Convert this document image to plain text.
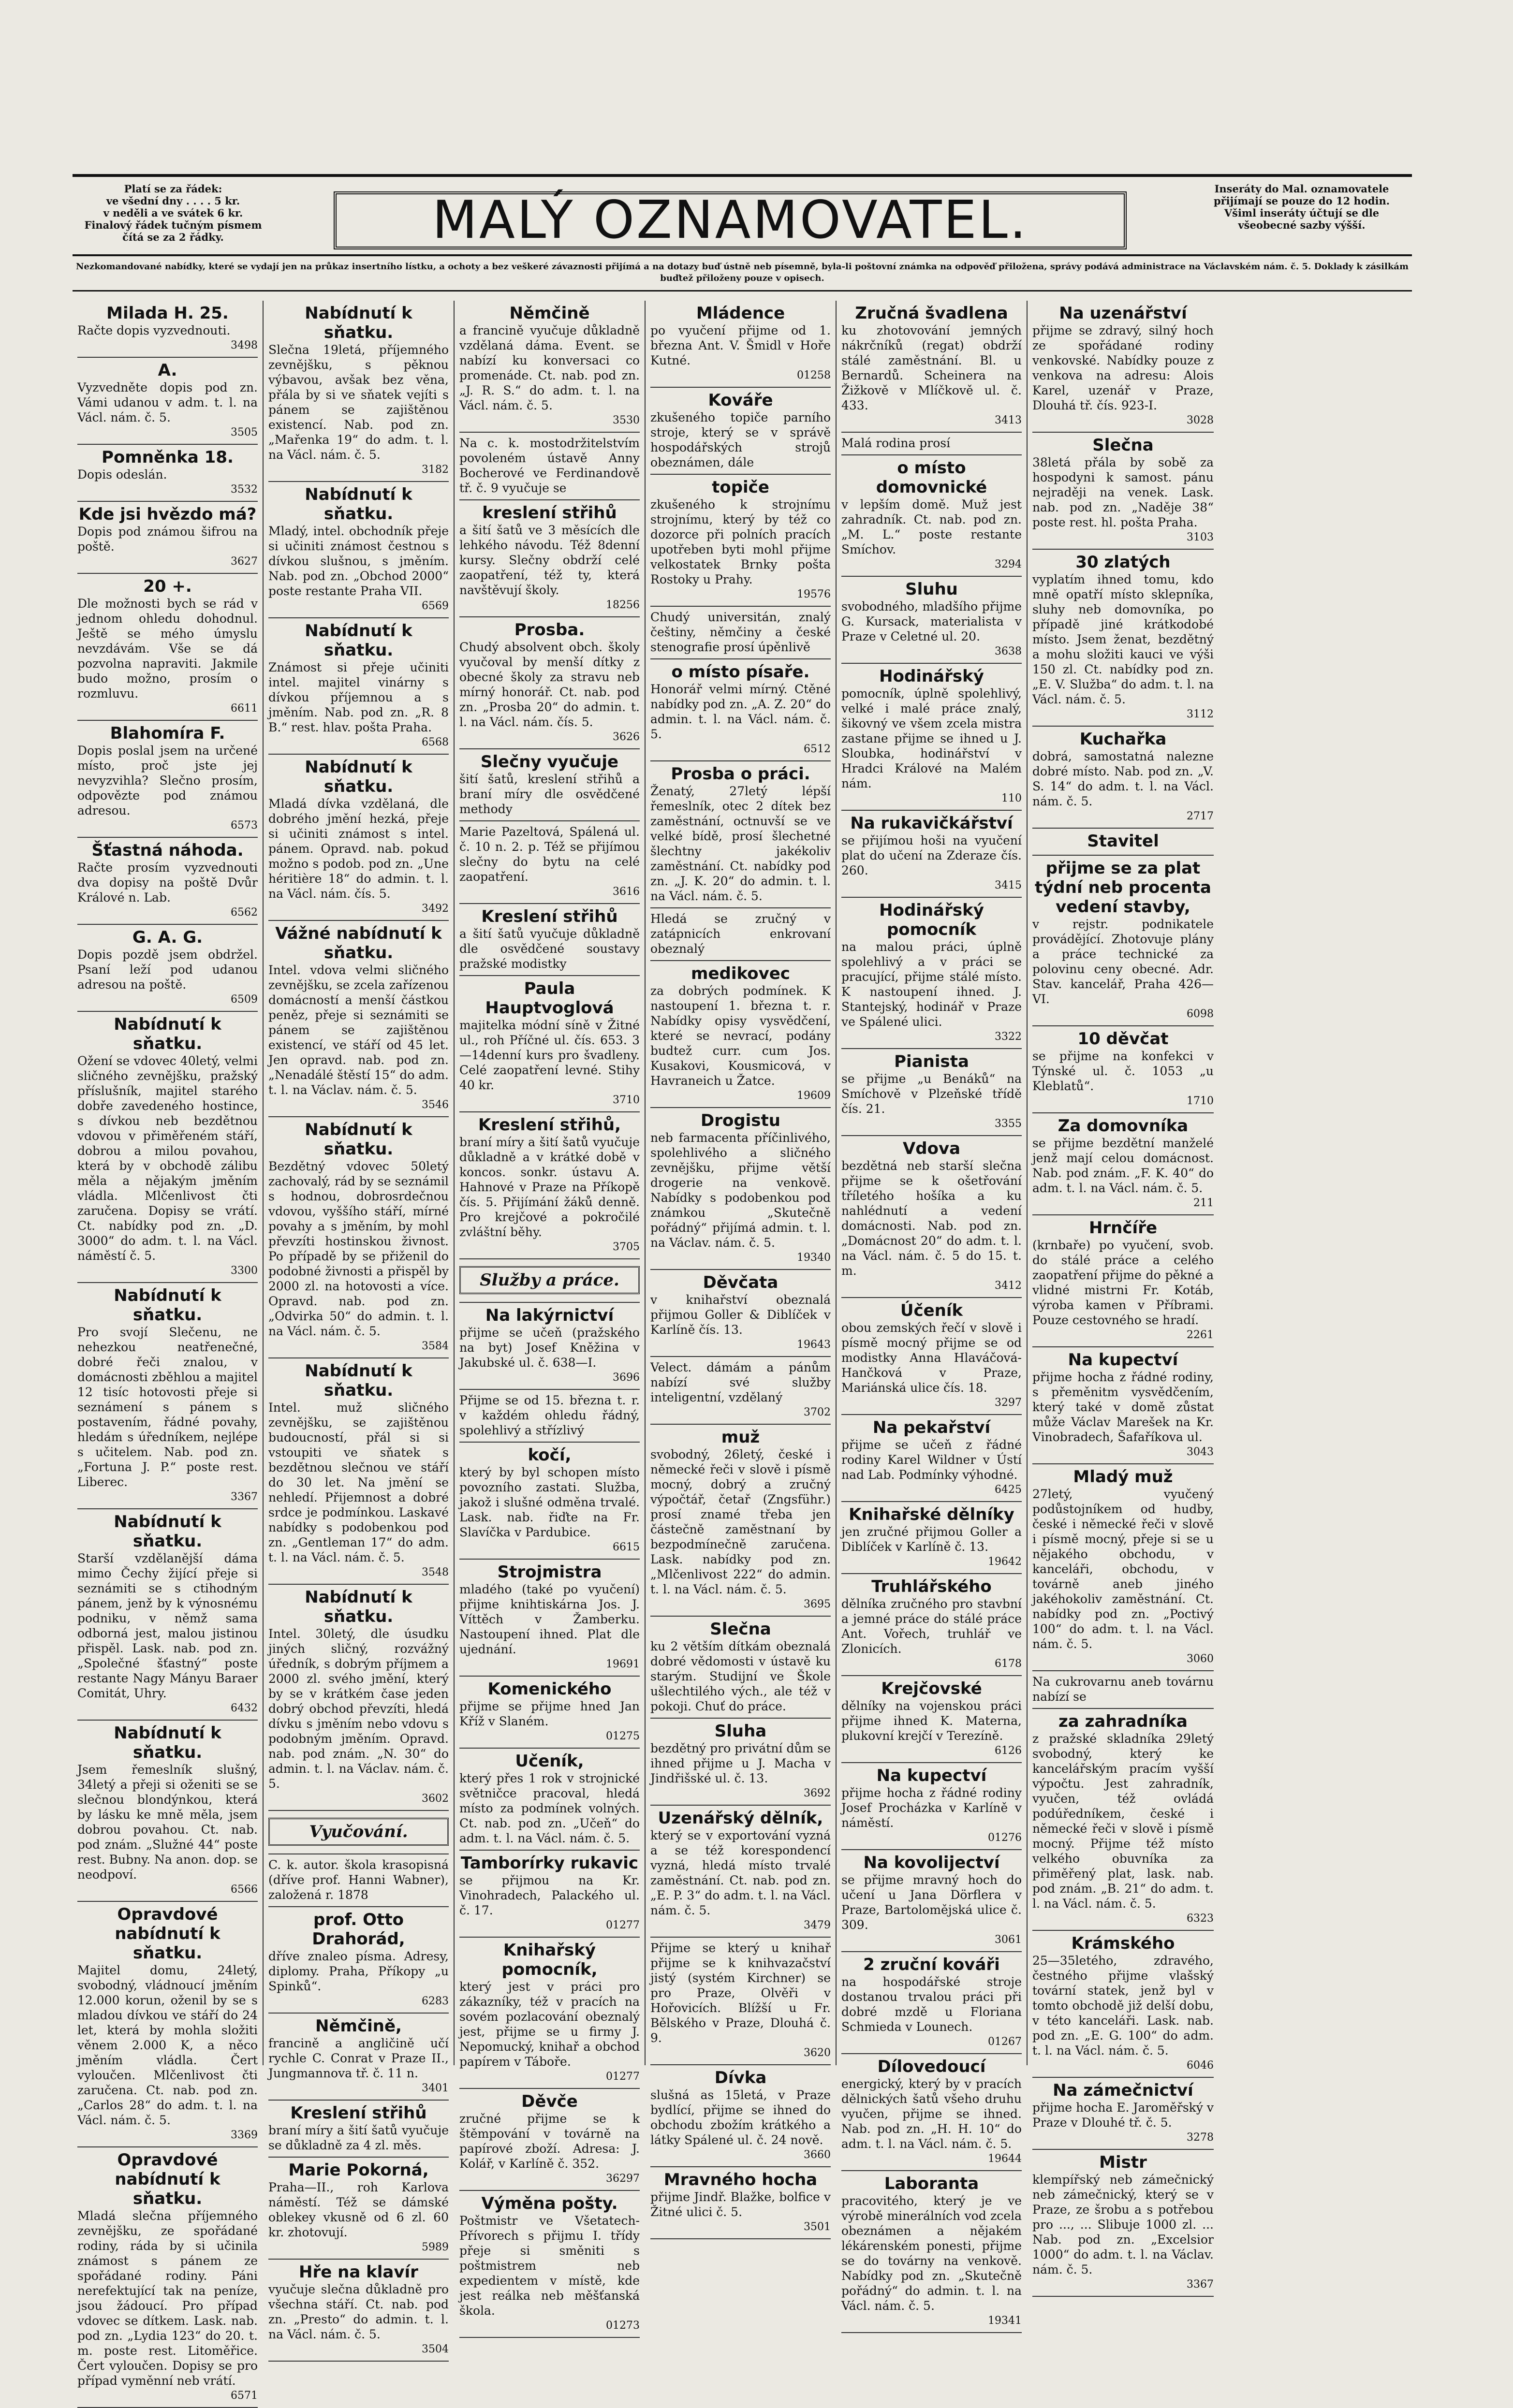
Platí se za řádek:
ve všední dny . . . . 5 kr.
v neděli a ve svátek 6 kr.
Finalový řádek tučným písmem
čítá se za 2 řádky.	MALÝ OZNAMOVATEL.
Inseráty do Mal. oznamovatele
přijímají se pouze do 12 hodin.
Všiml inseráty účtují se dle všeobecné sazby výšší.
Nezkomandované nabídky, které se vydají jen na průkaz insertního lístku, a ochoty a bez veškeré závaznosti přijímá a na dotazy buď ústně neb písemně, byla-li poštovní známka na odpověď přiložena, správy podává administrace na Václavském nám. č. 5. Doklady k zásilkám buďtež přiloženy pouze v opisech.
Milada H. 25.
Račte dopis vyzvednouti.
3498
A.
Vyzvedněte dopis pod zn. Vámi udanou v adm. t. l. na Václ. nám. č. 5.
3505
Pomněnka 18.
Dopis odeslán.
3532
Kde jsi hvězdo má?
Dopis pod známou šifrou na poště.
3627
20 +.
Dle možnosti bych se rád v jednom ohledu dohodnul. Ještě se mého úmyslu nevzdávám. Vše se dá pozvolna napraviti. Jakmile budo možno, prosím o rozmluvu.
6611
Blahomíra F.
Dopis poslal jsem na určené místo, proč jste jej nevyzvihla? Slečno prosím, odpovězte pod známou adresou.
6573
Šťastná náhoda.
Račte prosím vyzvednouti dva dopisy na poště Dvůr Králové n. Lab.
6562
G. A. G.
Dopis pozdě jsem obdržel. Psaní leží pod udanou adresou na poště.
6509
Nabídnutí k sňatku.
Ožení se vdovec 40letý, velmi sličného zevnějšku, pražský příslušník, majitel starého dobře zavedeného hostince, s dívkou neb bezdětnou vdovou v přiměřeném stáří, dobrou a milou povahou, která by v obchodě zálibu měla a nějakým jměním vládla. Mlčenlivost čti zaručena. Dopisy se vrátí. Ct. nabídky pod zn. „D. 3000“ do adm. t. l. na Václ. náměstí č. 5.
3300
Nabídnutí k sňatku.
Pro svojí Slečenu, ne nehezkou neatřenečné, dobré řeči znalou, v domácnosti zběhlou a majitel 12 tisíc hotovosti přeje si seznámení s pánem s postavením, řádné povahy, hledám s úředníkem, nejlépe s učitelem. Nab. pod zn. „Fortuna J. P.“ poste rest. Liberec.
3367
Nabídnutí k sňatku.
Starší vzdělanější dáma mimo Čechy žijící přeje si seznámiti se s ctihodným pánem, jenž by k výnosnému podniku, v němž sama odborná jest, malou jistinou přispěl. Lask. nab. pod zn. „Společné šťastný“ poste restante Nagy Mányu Baraer Comitát, Uhry.
6432
Nabídnutí k sňatku.
Jsem řemeslník slušný, 34letý a přeji si oženiti se se slečnou blondýnkou, která by lásku ke mně měla, jsem dobrou povahou. Ct. nab. pod znám. „Služné 44“ poste rest. Bubny. Na anon. dop. se neodpoví.
6566
Opravdové nabídnutí k sňatku.
Majitel domu, 24letý, svobodný, vládnoucí jměním 12.000 korun, oženil by se s mladou dívkou ve stáří do 24 let, která by mohla složiti věnem 2.000 K, a něco jměním vládla. Čert vyloučen. Mlčenlivost čti zaručena. Ct. nab. pod zn. „Carlos 28“ do adm. t. l. na Václ. nám. č. 5.
3369
Opravdové nabídnutí k sňatku.
Mladá slečna příjemného zevnějšku, ze spořádané rodiny, ráda by si učinila známost s pánem ze spořádané rodiny. Páni nerefektující tak na peníze, jsou žádoucí. Pro případ vdovec se dítkem. Lask. nab. pod zn. „Lydia 123“ do 20. t. m. poste rest. Litoměřice. Čert vyloučen. Dopisy se pro případ vyměnní neb vrátí.
6571
Nabídnutí k sňatku.
Slečna 19letá, příjemného zevnějšku, s pěknou výbavou, avšak bez věna, přála by si ve sňatek vejíti s pánem se zajištěnou existencí. Nab. pod zn. „Mařenka 19“ do adm. t. l. na Václ. nám. č. 5.
3182
Nabídnutí k sňatku.
Mladý, intel. obchodník přeje si učiniti známost čestnou s dívkou slušnou, s jměním. Nab. pod zn. „Obchod 2000“ poste restante Praha VII.
6569
Nabídnutí k sňatku.
Známost si přeje učiniti intel. majitel vinárny s dívkou příjemnou a s jměním. Nab. pod zn. „R. 8 B.“ rest. hlav. pošta Praha.
6568
Nabídnutí k sňatku.
Mladá dívka vzdělaná, dle dobrého jmění hezká, přeje si učiniti známost s intel. pánem. Opravd. nab. pokud možno s podob. pod zn. „Une héritière 18“ do admin. t. l. na Václ. nám. čís. 5.
3492
Vážné nabídnutí k sňatku.
Intel. vdova velmi sličného zevnějšku, se zcela zařízenou domácností a menší částkou peněz, přeje si seznámiti se pánem se zajištěnou existencí, ve stáří od 45 let. Jen opravd. nab. pod zn. „Nenadálé štěstí 15“ do adm. t. l. na Václav. nám. č. 5.
3546
Nabídnutí k sňatku.
Bezdětný vdovec 50letý zachovalý, rád by se seznámil s hodnou, dobrosrdečnou vdovou, vyššího stáří, mírné povahy a s jměním, by mohl převzíti hostinskou živnost. Po případě by se přiženil do podobné živnosti a přispěl by 2000 zl. na hotovosti a více. Opravd. nab. pod zn. „Odvirka 50“ do admin. t. l. na Václ. nám. č. 5.
3584
Nabídnutí k sňatku.
Intel. muž sličného zevnějšku, se zajištěnou budoucností, přál si si vstoupiti ve sňatek s bezdětnou slečnou ve stáří do 30 let. Na jmění se nehledí. Přijemnost a dobré srdce je podmínkou. Laskavé nabídky s podobenkou pod zn. „Gentleman 17“ do adm. t. l. na Václ. nám. č. 5.
3548
Nabídnutí k sňatku.
Intel. 30letý, dle úsudku jiných sličný, rozvážný úředník, s dobrým příjmem a 2000 zl. svého jmění, který by se v krátkém čase jeden dobrý obchod převzíti, hledá dívku s jměním nebo vdovu s podobným jměním. Opravd. nab. pod znám. „N. 30“ do admin. t. l. na Václav. nám. č. 5.
3602
Vyučování.
C. k. autor. škola krasopisná (dříve prof. Hanni Wabner), založená r. 1878
prof. Otto Drahorád,
dříve znaleo písma. Adresy, diplomy. Praha, Příkopy „u Spinků“.
6283
Němčině,
francině a angličině učí rychle C. Conrat v Praze II., Jungmannova tř. č. 11 n.
3401
Kreslení střihů
braní míry a šití šatů vyučuje se důkladně za 4 zl. měs.
Marie Pokorná,
Praha—II., roh Karlova náměstí. Též se dámské oblekey vkusně od 6 zl. 60 kr. zhotovují.
5989
Hře na klavír
vyučuje slečna důkladně pro všechna stáří. Ct. nab. pod zn. „Presto“ do admin. t. l. na Václ. nám. č. 5.
3504
Němčině
a francině vyučuje důkladně vzdělaná dáma. Event. se nabízí ku konversaci co promenáde. Ct. nab. pod zn. „J. R. S.“ do adm. t. l. na Václ. nám. č. 5.
3530
Na c. k. mostodržitelstvím povoleném ústavě Anny Bocherové ve Ferdinandově tř. č. 9 vyučuje se
kreslení střihů
a šití šatů ve 3 měsících dle lehkého návodu. Též 8denní kursy. Slečny obdrží celé zaopatření, též ty, která navštěvují školy.
18256
Prosba.
Chudý absolvent obch. školy vyučoval by menší dítky z obecné školy za stravu neb mírný honorář. Ct. nab. pod zn. „Prosba 20“ do admin. t. l. na Václ. nám. čís. 5.
3626
Slečny vyučuje
šití šatů, kreslení střihů a braní míry dle osvědčené methody
Marie Pazeltová, Spálená ul. č. 10 n. 2. p. Též se přijímou slečny do bytu na celé zaopatření.
3616
Kreslení střihů
a šití šatů vyučuje důkladně dle osvědčené soustavy pražské modistky
Paula Hauptvoglová
majitelka módní síně v Žitné ul., roh Příčné ul. čís. 653. 3—14denní kurs pro švadleny. Celé zaopatření levné. Stihy 40 kr.
3710
Kreslení střihů,
braní míry a šití šatů vyučuje důkladně a v krátké době v koncos. sonkr. ústavu A. Hahnové v Praze na Příkopě čís. 5. Přijímání žáků denně. Pro krejčové a pokročilé zvláštní běhy.
3705
Služby a práce.
Na lakýrnictví
přijme se učeň (pražského na byt) Josef Kněžina v Jakubské ul. č. 638—I.
3696
Přijme se od 15. března t. r. v každém ohledu řádný, spolehlivý a střízlivý
kočí,
který by byl schopen místo povozního zastati. Služba, jakož i slušné odměna trvalé. Lask. nab. řiďte na Fr. Slavíčka v Pardubice.
6615
Strojmistra
mladého (také po vyučení) přijme knihtiskárna Jos. J. Víttěch v Žamberku. Nastoupení ihned. Plat dle ujednání.
19691
Komenického
přijme se přijme hned Jan Kříž v Slaném.
01275
Učeník,
který přes 1 rok v strojnické světničce pracoval, hledá místo za podmínek volných. Ct. nab. pod zn. „Učeň“ do adm. t. l. na Václ. nám. č. 5.
Tamborírky rukavic
se přijmou na Kr. Vinohradech, Palackého ul. č. 17.
01277
Knihařský pomocník,
který jest v práci pro zákazníky, též v pracích na sovém pozlacování obeznalý jest, přijme se u firmy J. Nepomucký, knihař a obchod papírem v Táboře.
01277
Děvče
zručné přijme se k štěmpování v továrně na papírové zboží. Adresa: J. Kolář, v Karlíně č. 352.
36297
Výměna pošty.
Poštmistr ve Všetatech-Přívorech s přijmu I. třídy přeje si směniti s poštmistrem neb expedientem v místě, kde jest reálka neb měšťanská škola.
01273
Mládence
po vyučení přijme od 1. března Ant. V. Šmidl v Hoře Kutné.
01258
Kováře
zkušeného topiče parního stroje, který se v správě hospodářských strojů obeznámen, dále
topiče
zkušeného k strojnímu strojnímu, který by též co dozorce při polních pracích upotřeben byti mohl přijme velkostatek Brnky pošta Rostoky u Prahy.
19576
Chudý universitán, znalý češtiny, němčiny a české stenografie prosí úpěnlivě
o místo písaře.
Honorář velmi mírný. Ctěné nabídky pod zn. „A. Z. 20“ do admin. t. l. na Václ. nám. č. 5.
6512
Prosba o práci.
Ženatý, 27letý lépší řemeslník, otec 2 dítek bez zaměstnání, octnuvší se ve velké bídě, prosí šlechetné šlechtny jakékoliv zaměstnání. Ct. nabídky pod zn. „J. K. 20“ do admin. t. l. na Václ. nám. č. 5.
Hledá se zručný v zatápnicích enkrovaní obeznalý
medikovec
za dobrých podmínek. K nastoupení 1. března t. r. Nabídky opisy vysvědčení, které se nevrací, podány budtež curr. cum Jos. Kusakovi, Kousmicová, v Havraneich u Žatce.
19609
Drogistu
neb farmacenta příčinlivého, spolehlivého a sličného zevnějšku, přijme větší drogerie na venkově. Nabídky s podobenkou pod známkou „Skutečně pořádný“ přijímá admin. t. l. na Václav. nám. č. 5.
19340
Děvčata
v knihařství obeznalá přijmou Goller & Diblíček v Karlíně čís. 13.
19643
Velect. dámám a pánům nabízí své služby inteligentní, vzdělaný
3702
muž
svobodný, 26letý, české i německé řeči v slově i písmě mocný, dobrý a zručný výpočtář, četař (Zngsführ.) prosí znamé třeba jen částečně zaměstnaní by bezpodmínečně zaručena. Lask. nabídky pod zn. „Mlčenlivost 222“ do admin. t. l. na Václ. nám. č. 5.
3695
Slečna
ku 2 větším dítkám obeznalá dobré vědomosti v ústavě ku starým. Studijní ve Škole ušlechtilého vých., ale též v pokoji. Chuť do práce.
Sluha
bezdětný pro privátní dům se ihned přijme u J. Macha v Jindřišské ul. č. 13.
3692
Uzenářský dělník,
který se v exportování vyzná a se též korespondencí vyzná, hledá místo trvalé zaměstnání. Ct. nab. pod zn. „E. P. 3“ do adm. t. l. na Václ. nám. č. 5.
3479
Přijme se který u knihař přijme se k knihvazačství jistý (systém Kirchner) se pro Praze, Olvěři v Hořovicích. Blížší u Fr. Bělského v Praze, Dlouhá č. 9.
3620
Dívka
slušná as 15letá, v Praze bydlící, přijme se ihned do obchodu zbožím krátkého a látky Spálené ul. č. 24 nově.
3660
Mravného hocha
přijme Jindř. Blažke, bolfice v Žitné ulici č. 5.
3501
Zručná švadlena
ku zhotovování jemných nákrčníků (regat) obdrží stálé zaměstnání. Bl. u Bernardů. Scheinera na Žižkově v Mlíčkově ul. č. 433.
3413
Malá rodina prosí
o místo domovnické
v lepším domě. Muž jest zahradník. Ct. nab. pod zn. „M. L.“ poste restante Smíchov.
3294
Sluhu
svobodného, mladšího přijme G. Kursack, materialista v Praze v Celetné ul. 20.
3638
Hodinářský
pomocník, úplně spolehlivý, velké i malé práce znalý, šikovný ve všem zcela mistra zastane přijme se ihned u J. Sloubka, hodinářství v Hradci Králové na Malém nám.
110
Na rukavičkářství
se přijímou hoši na vyučení plat do učení na Zderaze čís. 260.
3415
Hodinářský pomocník
na malou práci, úplně spolehlivý a v práci se pracující, přijme stálé místo. K nastoupení ihned. J. Stantejský, hodinář v Praze ve Spálené ulici.
3322
Pianista
se přijme „u Benáků“ na Smíchově v Plzeňské třídě čís. 21.
3355
Vdova
bezdětná neb starší slečna přijme se k ošetřování tříletého hošíka a ku nahlédnutí a vedení domácnosti. Nab. pod zn. „Domácnost 20“ do adm. t. l. na Václ. nám. č. 5 do 15. t. m.
3412
Účeník
obou zemských řečí v slově i písmě mocný přijme se od modistky Anna Hlaváčová-Hančková v Praze, Mariánská ulice čís. 18.
3297
Na pekařství
přijme se učeň z řádné rodiny Karel Wildner v Ústí nad Lab. Podmínky výhodné.
6425
Knihařské dělníky
jen zručné přijmou Goller a Diblíček v Karlíně č. 13.
19642
Truhlářského
dělníka zručného pro stavbní a jemné práce do stálé práce Ant. Vořech, truhlář ve Zlonicích.
6178
Krejčovské
dělníky na vojenskou práci přijme ihned K. Materna, plukovní krejčí v Terezíně.
6126
Na kupectví
přijme hocha z řádné rodiny Josef Procházka v Karlíně v náměstí.
01276
Na kovolijectví
se přijme mravný hoch do učení u Jana Dörflera v Praze, Bartolomějská ulice č. 309.
3061
2 zruční kováři
na hospodářské stroje dostanou trvalou práci při dobré mzdě u Floriana Schmieda v Lounech.
01267
Dílovedoucí
energický, který by v pracích dělnických šatů všeho druhu vyučen, přijme se ihned. Nab. pod zn. „H. H. 10“ do adm. t. l. na Václ. nám. č. 5.
19644
Laboranta
pracovitého, který je ve výrobě minerálních vod zcela obeznámen a nějakém lékárenském ponesti, přijme se do továrny na venkově. Nabídky pod zn. „Skutečně pořádný“ do admin. t. l. na Václ. nám. č. 5.
19341
Na uzenářství
přijme se zdravý, silný hoch ze spořádané rodiny venkovské. Nabídky pouze z venkova na adresu: Alois Karel, uzenář v Praze, Dlouhá tř. čís. 923-I.
3028
Slečna
38letá přála by sobě za hospodyni k samost. pánu nejraději na venek. Lask. nab. pod zn. „Naděje 38“ poste rest. hl. pošta Praha.
3103
30 zlatých
vyplatím ihned tomu, kdo mně opatří místo sklepníka, sluhy neb domovníka, po případě jiné krátkodobé místo. Jsem ženat, bezdětný a mohu složiti kauci ve výši 150 zl. Ct. nabídky pod zn. „E. V. Služba“ do adm. t. l. na Václ. nám. č. 5.
3112
Kuchařka
dobrá, samostatná nalezne dobré místo. Nab. pod zn. „V. S. 14“ do adm. t. l. na Václ. nám. č. 5.
2717
Stavitel
přijme se za plat týdní neb procenta vedení stavby,
v rejstr. podnikatele provádějící. Zhotovuje plány a práce technické za polovinu ceny obecné. Adr. Stav. kancelář, Praha 426—VI.
6098
10 děvčat
se přijme na konfekci v Týnské ul. č. 1053 „u Kleblatů“.
1710
Za domovníka
se přijme bezdětní manželé jenž mají celou domácnost. Nab. pod znám. „F. K. 40“ do adm. t. l. na Václ. nám. č. 5.
211
Hrnčíře
(krnbaře) po vyučení, svob. do stálé práce a celého zaopatření přijme do pěkné a vlidné mistrni Fr. Kotáb, výroba kamen v Příbrami. Pouze cestovného se hradí.
2261
Na kupectví
přijme hocha z řádné rodiny, s přeměnitm vysvědčením, který také v domě zůstat může Václav Marešek na Kr. Vinobradech, Šafaříkova ul.
3043
Mladý muž
27letý, vyučený podůstojníkem od hudby, české i německé řeči v slově i písmě mocný, přeje si se u nějakého obchodu, v kanceláři, obchodu, v továrně aneb jiného jakéhokoliv zaměstnání. Ct. nabídky pod zn. „Poctivý 100“ do adm. t. l. na Václ. nám. č. 5.
3060
Na cukrovarnu aneb továrnu nabízí se
za zahradníka
z pražské skladníka 29letý svobodný, který ke kancelářským pracím vyšší výpočtu. Jest zahradník, vyučen, též ovládá podúředníkem, české i německé řeči v slově i písmě mocný. Přijme též místo velkého obuvníka za přiměřený plat, lask. nab. pod znám. „B. 21“ do adm. t. l. na Václ. nám. č. 5.
6323
Krámského
25—35letého, zdravého, čestného přijme vlašský tovární statek, jenž byl v tomto obchodě již delší dobu, v této kanceláři. Lask. nab. pod zn. „E. G. 100“ do adm. t. l. na Václ. nám. č. 5.
6046
Na zámečnictví
přijme hocha E. Jaroměřský v Praze v Dlouhé tř. č. 5.
3278
Mistr
klempířský neb zámečnický neb zámečnický, který se v Praze, ze šrobu a s potřebou pro ..., ... Slibuje 1000 zl. ... Nab. pod zn. „Excelsior 1000“ do adm. t. l. na Václav. nám. č. 5.
3367
